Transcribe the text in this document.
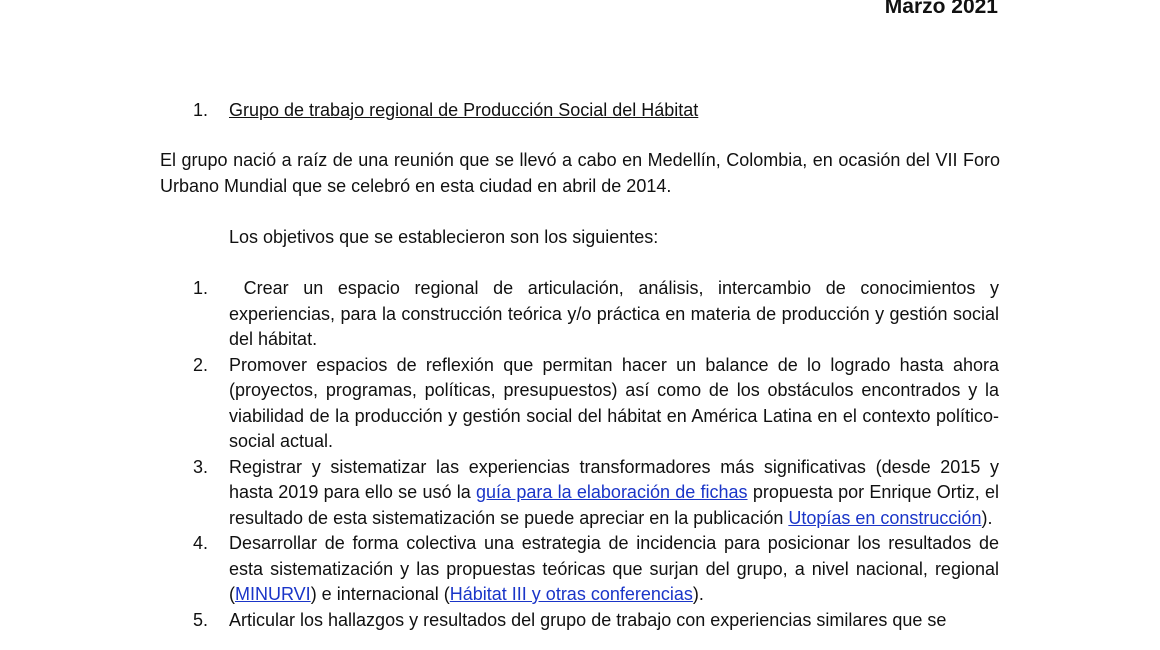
Marzo 2021
1.	Grupo de trabajo regional de Producción Social del Hábitat

El grupo nació a raíz de una reunión que se llevó a cabo en Medellín, Colombia, en ocasión del VII Foro Urbano Mundial que se celebró en esta ciudad en abril de 2014.

Los objetivos que se establecieron son los siguientes:

1.	Crear un espacio regional de articulación, análisis, intercambio de conocimientos y experiencias, para la construcción teórica y/o práctica en materia de producción y gestión social del hábitat.
2.	Promover espacios de reflexión que permitan hacer un balance de lo logrado hasta ahora (proyectos, programas, políticas, presupuestos) así como de los obstáculos encontrados y la viabilidad de la producción y gestión social del hábitat en América Latina en el contexto político-social actual.
3.	Registrar y sistematizar las experiencias transformadores más significativas (desde 2015 y hasta 2019 para ello se usó la guía para la elaboración de fichas propuesta por Enrique Ortiz, el resultado de esta sistematización se puede apreciar en la publicación Utopías en construcción).
4.	Desarrollar de forma colectiva una estrategia de incidencia para posicionar los resultados de esta sistematización y las propuestas teóricas que surjan del grupo, a nivel nacional, regional (MINURVI) e internacional (Hábitat III y otras conferencias).
5.	Articular los hallazgos y resultados del grupo de trabajo con experiencias similares que se
